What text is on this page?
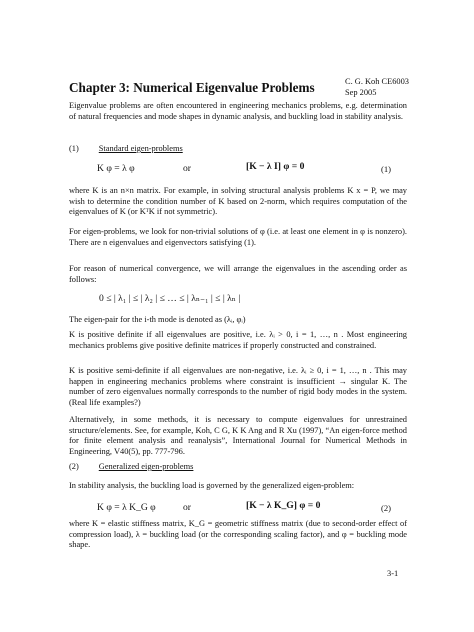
Chapter 3: Numerical Eigenvalue Problems	C. G. Koh CE6003
Sep 2005
Eigenvalue problems are often encountered in engineering mechanics problems, e.g. determination of natural frequencies and mode shapes in dynamic analysis, and buckling load in stability analysis.
(1) Standard eigen-problems
K φ = λ φ	or	[K − λ I] φ = 0	(1)
where K is an n×n matrix. For example, in solving structural analysis problems K x = P, we may wish to determine the condition number of K based on 2-norm, which requires computation of the eigenvalues of K (or KᵀK if not symmetric).
For eigen-problems, we look for non-trivial solutions of φ (i.e. at least one element in φ is nonzero). There are n eigenvalues and eigenvectors satisfying (1).
For reason of numerical convergence, we will arrange the eigenvalues in the ascending order as follows:
0 ≤ | λ₁ | ≤ | λ₂ | ≤ … ≤ | λₙ₋₁ | ≤ | λₙ |
The eigen-pair for the i-th mode is denoted as (λᵢ, φᵢ)
K is positive definite if all eigenvalues are positive, i.e. λᵢ > 0, i = 1, …, n . Most engineering mechanics problems give positive definite matrices if properly constructed and constrained.
K is positive semi-definite if all eigenvalues are non-negative, i.e. λᵢ ≥ 0, i = 1, …, n . This may happen in engineering mechanics problems where constraint is insufficient → singular K. The number of zero eigenvalues normally corresponds to the number of rigid body modes in the system. (Real life examples?)
Alternatively, in some methods, it is necessary to compute eigenvalues for unrestrained structure/elements. See, for example, Koh, C G, K K Ang and R Xu (1997), “An eigen-force method for finite element analysis and reanalysis”, International Journal for Numerical Methods in Engineering, V40(5), pp. 777-796.
(2) Generalized eigen-problems
In stability analysis, the buckling load is governed by the generalized eigen-problem:
K φ = λ K_G φ	or	[K − λ K_G] φ = 0	(2)
where K = elastic stiffness matrix, K_G = geometric stiffness matrix (due to second-order effect of compression load), λ = buckling load (or the corresponding scaling factor), and φ = buckling mode shape.
3-1
